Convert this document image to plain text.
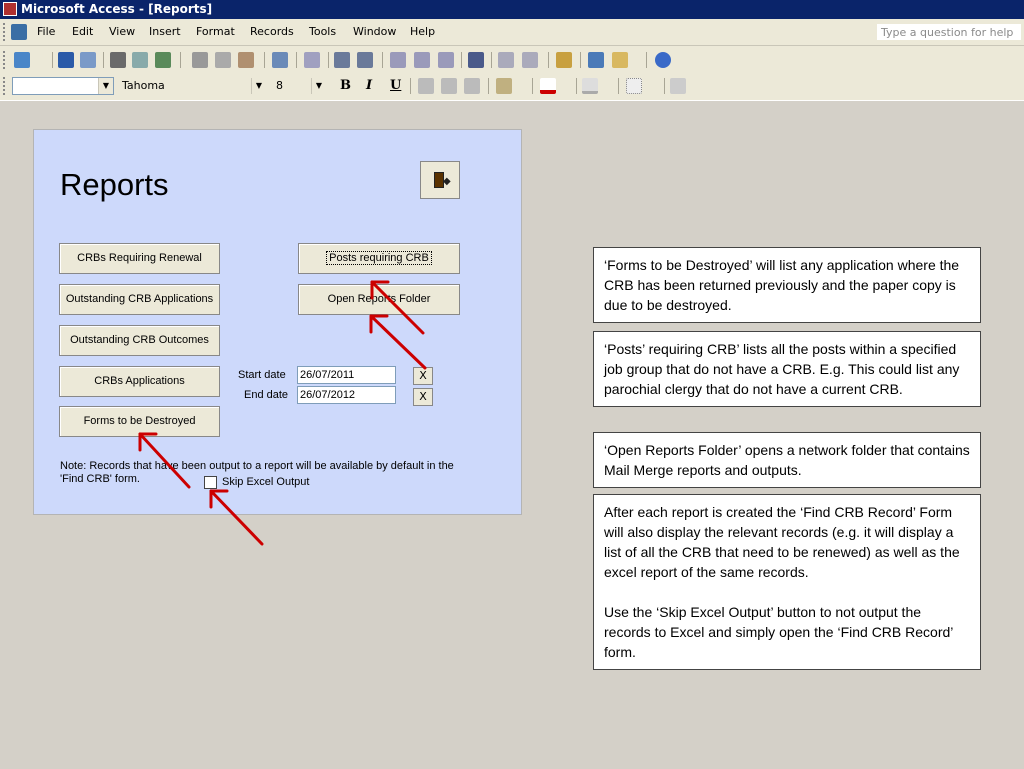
Microsoft Access - [Reports]
File Edit View Insert Format Records Tools Window Help	Type a question for help
▼	Tahoma	▼	8	▼	B I U
Reports	◆
CRBs Requiring Renewal
Outstanding CRB Applications
Outstanding CRB Outcomes
CRBs Applications
Forms to be Destroyed
Posts requiring CRB
Open Reports Folder
Start date 26/07/2011	X
End date 26/07/2012	X
Note: Records that have been output to a report will be available by default in the 'Find CRB' form.	Skip Excel Output

‘Forms to be Destroyed’ will list any application where the CRB has been returned previously and the paper copy is due to be destroyed.

‘Posts’ requiring CRB’ lists all the posts within a specified job group that do not have a CRB. E.g. This could list any parochial clergy that do not have a current CRB.

‘Open Reports Folder’ opens a network folder that contains Mail Merge reports and outputs.

After each report is created the ‘Find CRB Record’ Form will also display the relevant records (e.g. it will display a list of all the CRB that need to be renewed) as well as the excel report of the same records.

Use the ‘Skip Excel Output’ button to not output the records to Excel and simply open the ‘Find CRB Record’ form.
